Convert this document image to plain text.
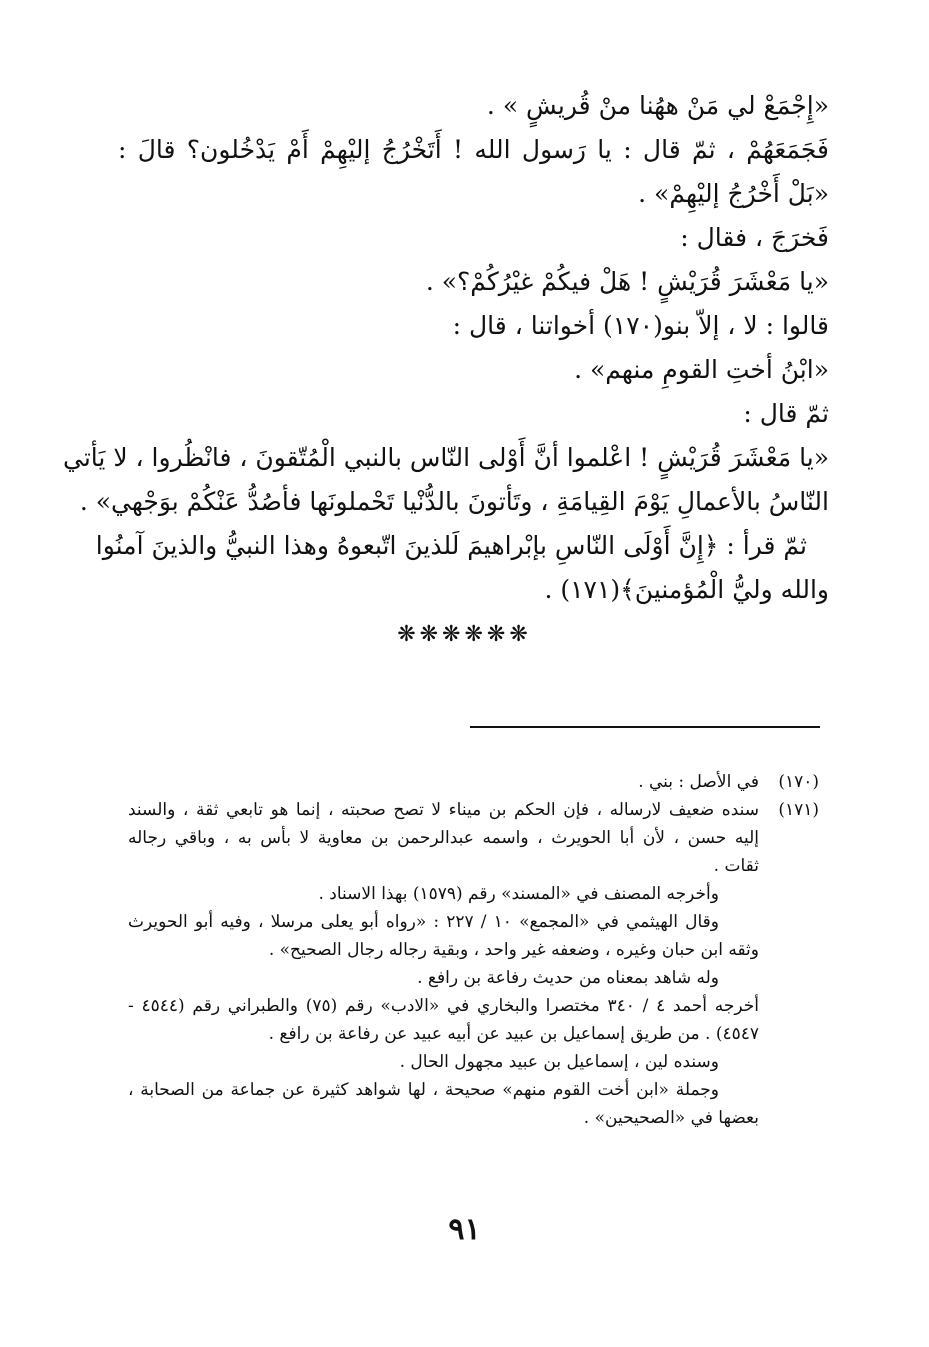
«إِجْمَعْ لي مَنْ ههُنا منْ قُريشٍ » .
فَجَمَعَهُمْ ، ثمّ قال : يا رَسول الله ! أَتَخْرُجُ إليْهِمْ أَمْ يَدْخُلون؟ قالَ :
«بَلْ أَخْرُجُ إليْهِمْ» .
فَخرَجَ ، فقال :
«يا مَعْشَرَ قُرَيْشٍ ! هَلْ فيكُمْ غيْرُكُمْ؟» .
قالوا : لا ، إلاّ بنو(١٧٠) أخواتنا ، قال :
«ابْنُ أختِ القومِ منهم» .
ثمّ قال :
«يا مَعْشَرَ قُرَيْشٍ ! اعْلموا أنَّ أَوْلى النّاس بالنبي الْمُتّقونَ ، فانْظُروا ، لا يَأتي
النّاسُ بالأعمالِ يَوْمَ القِيامَةِ ، وتَأتونَ بالدُّنْيا تَحْملونَها فأصُدُّ عَنْكُمْ بوَجْهي» .
ثمّ قرأ : ﴿إِنَّ أَوْلَى النّاسِ بإبْراهيمَ لَلذينَ اتّبعوهُ وهذا النبيُّ والذينَ آمنُوا
والله وليُّ الْمُؤمنينَ﴾(١٧١) .
❋❋❋❋❋❋
(١٧٠)
في الأصل : بني .
(١٧١)
سنده ضعيف لارساله ، فإن الحكم بن ميناء لا تصح صحبته ، إنما هو تابعي ثقة ، والسند
إليه حسن ، لأن أبا الحويرث ، واسمه عبدالرحمن بن معاوية لا بأس به ، وباقي رجاله
ثقات .
وأخرجه المصنف في «المسند» رقم (١٥٧٩) بهذا الاسناد .
وقال الهيثمي في «المجمع» ١٠ / ٢٢٧ : «رواه أبو يعلى مرسلا ، وفيه أبو الحويرث
وثقه ابن حبان وغيره ، وضعفه غير واحد ، وبقية رجاله رجال الصحيح» .
وله شاهد بمعناه من حديث رفاعة بن رافع .
أخرجه أحمد ٤ / ٣٤٠ مختصرا والبخاري في «الادب» رقم (٧٥) والطبراني رقم (٤٥٤٤ -
٤٥٤٧) . من طريق إسماعيل بن عبيد عن أبيه عبيد عن رفاعة بن رافع .
وسنده لين ، إسماعيل بن عبيد مجهول الحال .
وجملة «ابن أخت القوم منهم» صحيحة ، لها شواهد كثيرة عن جماعة من الصحابة ،
بعضها في «الصحيحين» .
٩١
